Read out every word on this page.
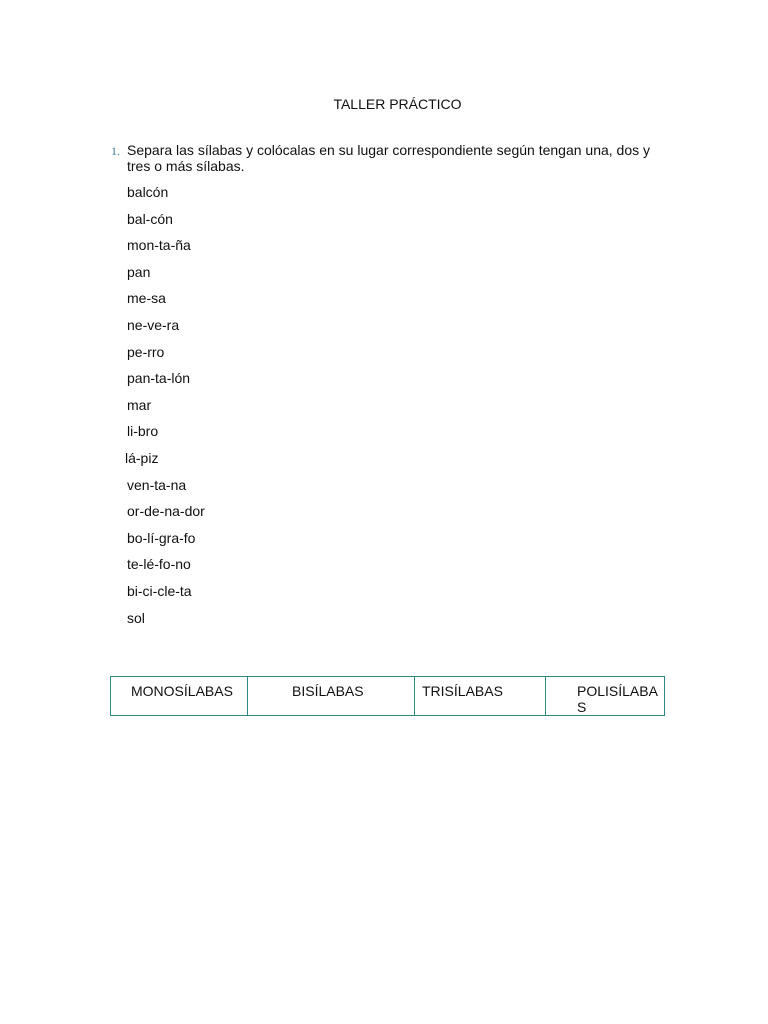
TALLER PRÁCTICO
1. Separa las sílabas y colócalas en su lugar correspondiente según tengan una, dos y tres o más sílabas.
balcón
bal-cón
mon-ta-ña
pan
me-sa
ne-ve-ra
pe-rro
pan-ta-lón
mar
li-bro
lá-piz
ven-ta-na
or-de-na-dor
bo-lí-gra-fo
te-lé-fo-no
bi-ci-cle-ta
sol
MONOSÍLABAS	BISÍLABAS	TRISÍLABAS	POLISÍLABAS
